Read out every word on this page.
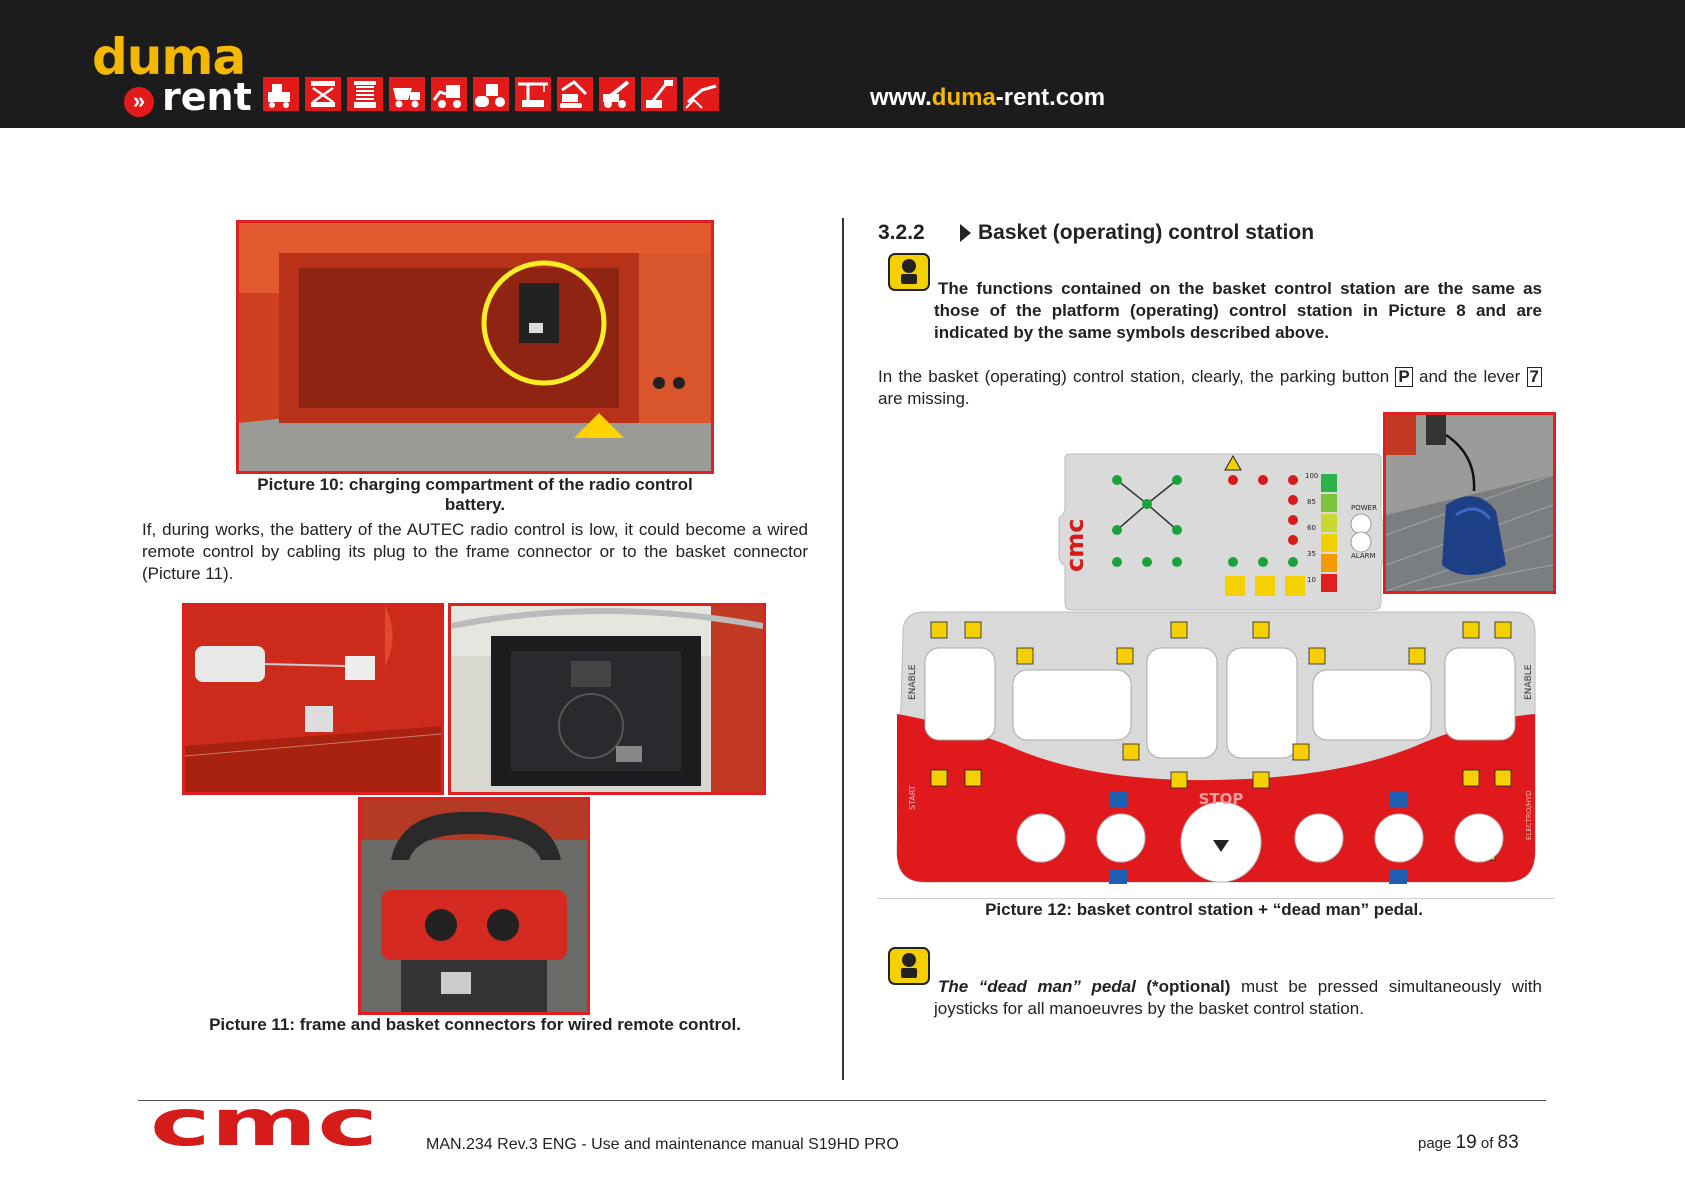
duma
» rent	www.duma-rent.com
Picture 10: charging compartment of the radio control battery.
If, during works, the battery of the AUTEC radio control is low, it could become a wired remote control by cabling its plug to the frame connector or to the basket connector (Picture 11).
Picture 11: frame and basket connectors for wired remote control.
3.2.2	Basket (operating) control station
The functions contained on the basket control station are the same as those of the platform (operating) control station in Picture 8 and are indicated by the same symbols described above.
In the basket (operating) control station, clearly, the parking button P and the lever 7 are missing.
cmc
100
85
60
35
10
POWER
ALARM
STOP
ENABLE	ENABLE
START	ELECTRO/HYD
Picture 12: basket control station + “dead man” pedal.
The “dead man” pedal (*optional) must be pressed simultaneously with joysticks for all manoeuvres by the basket control station.
cmc	MAN.234 Rev.3 ENG - Use and maintenance manual S19HD PRO	page 19 of 83
